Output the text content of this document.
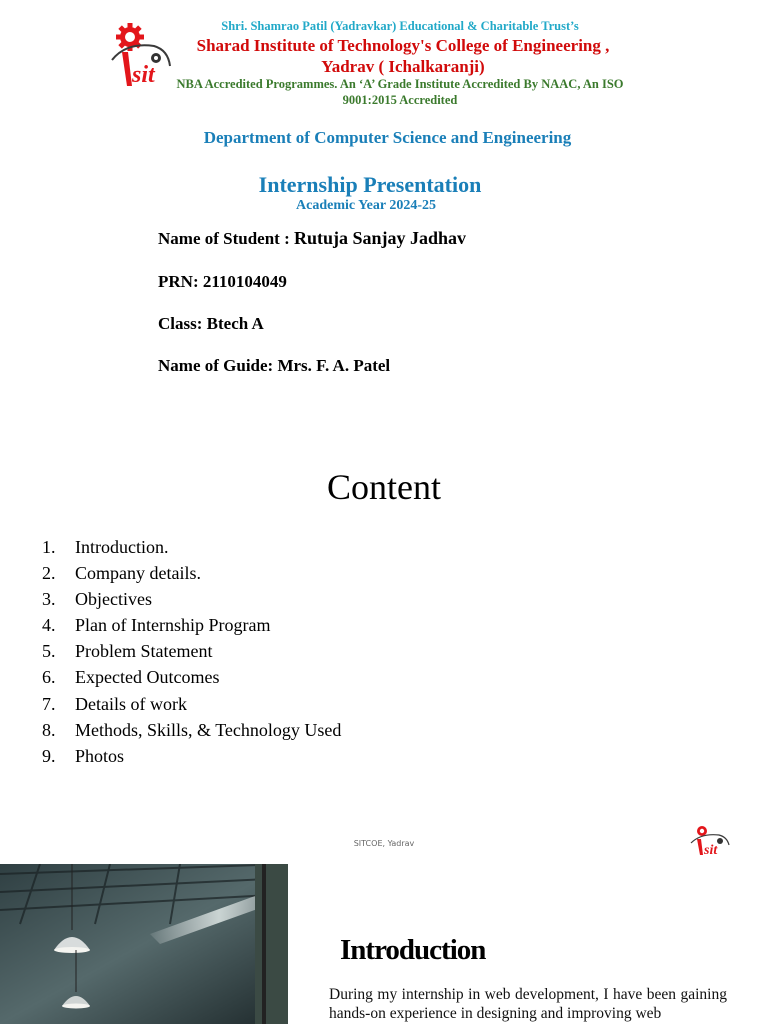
sit
Shri. Shamrao Patil (Yadravkar) Educational & Charitable Trust’s
Sharad Institute of Technology's College of Engineering ,
Yadrav ( Ichalkaranji)
NBA Accredited Programmes. An ‘A’ Grade Institute Accredited By NAAC, An ISO
9001:2015 Accredited
Department of Computer Science and Engineering
Internship Presentation
Academic Year 2024-25
Name of Student : Rutuja Sanjay Jadhav
PRN: 2110104049
Class: Btech A
Name of Guide: Mrs. F. A. Patel
Content
1.	Introduction.
2.	Company details.
3.	Objectives
4.	Plan of Internship Program
5.	Problem Statement
6.	Expected Outcomes
7.	Details of work
8.	Methods, Skills, & Technology Used
9.	Photos
SITCOE, Yadrav	sit
Introduction
During my internship in web development, I have been gaining hands-on experience in designing and improving web
